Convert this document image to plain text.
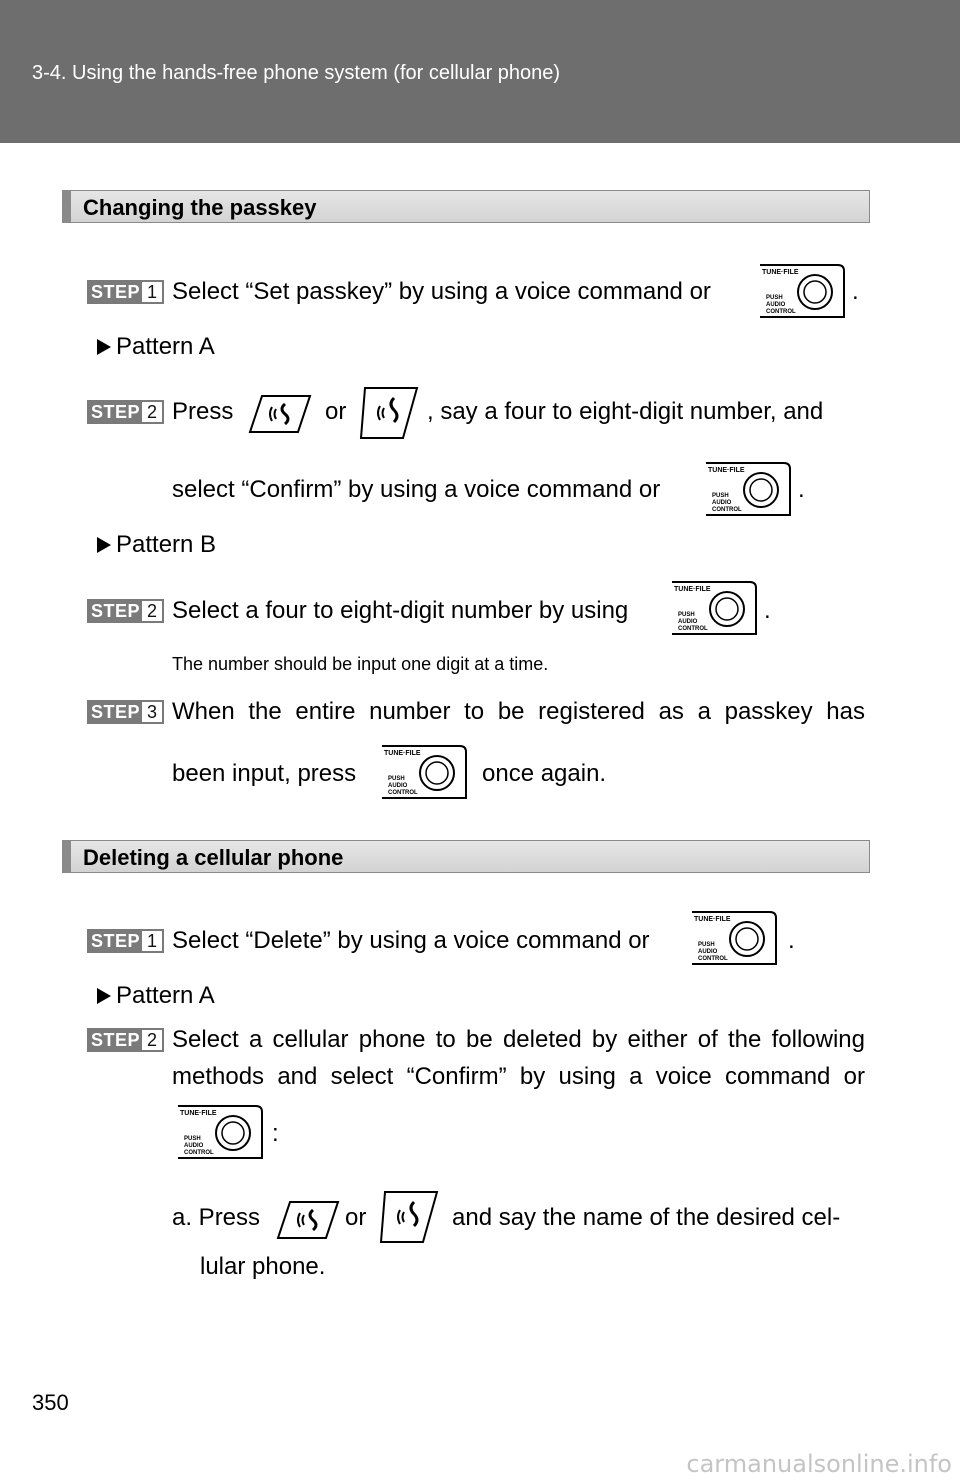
3-4. Using the hands-free phone system (for cellular phone)
Changing the passkey
STEP 1 Select “Set passkey” by using a voice command or
TUNE·FILE
PUSH
AUDIO
CONTROL
.
Pattern A
STEP 2 Press	or	, say a four to eight-digit number, and
select “Confirm” by using a voice command or
TUNE·FILE
PUSH
AUDIO
CONTROL
.
Pattern B
STEP 2 Select a four to eight-digit number by using
TUNE·FILE
PUSH
AUDIO
CONTROL
.
The number should be input one digit at a time.
STEP 3 When the entire number to be registered as a passkey has
been input, press
TUNE·FILE
PUSH
AUDIO
CONTROL
once again.
Deleting a cellular phone
STEP 1 Select “Delete” by using a voice command or
TUNE·FILE
PUSH
AUDIO
CONTROL
.
Pattern A
STEP 2 Select a cellular phone to be deleted by either of the following
methods and select “Confirm” by using a voice command or
TUNE·FILE
PUSH
AUDIO
CONTROL
:
a. Press	or	and say the name of the desired cel-
lular phone.
350
carmanualsonline.info
